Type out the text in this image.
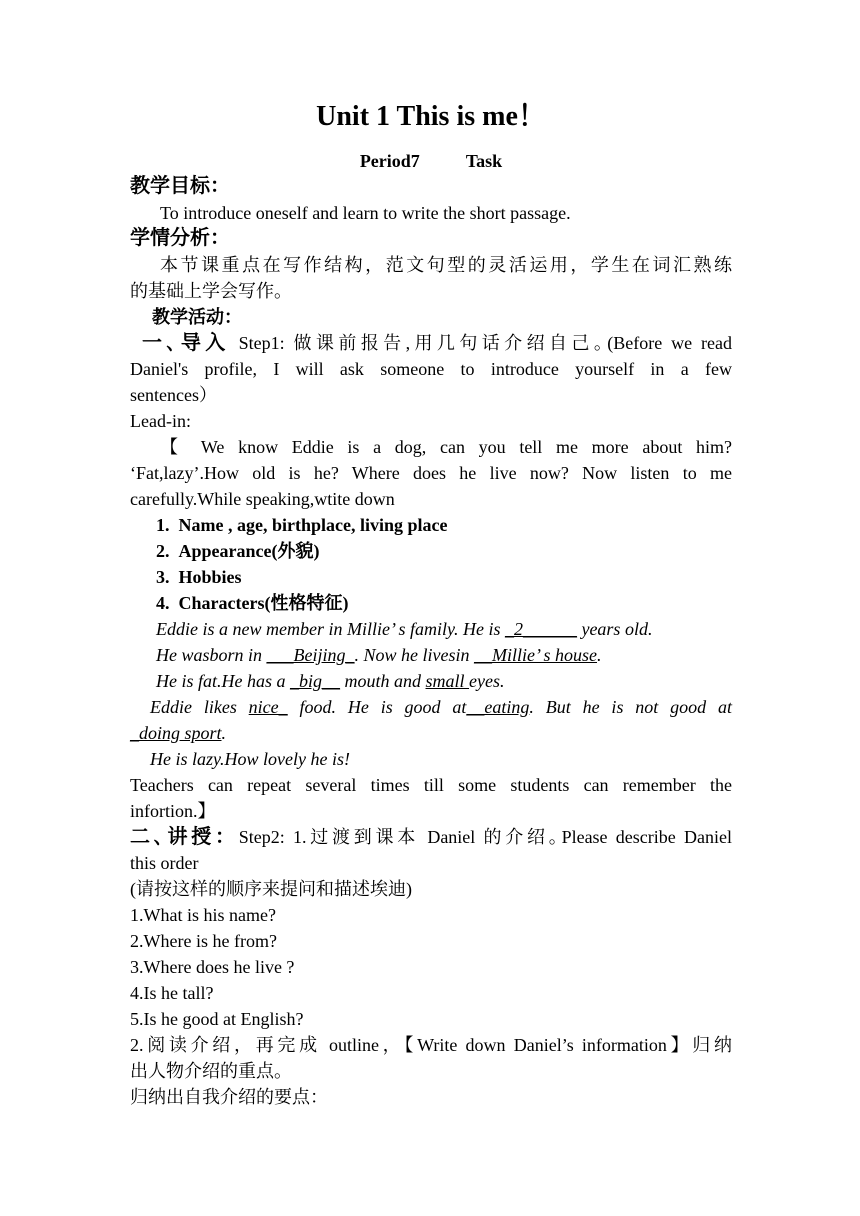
Unit 1 This is me！
Period7	Task
教学目标：
To introduce oneself and learn to write the short passage.
学情分析：
本节课重点在写作结构，范文句型的灵活运用，学生在词汇熟练
的基础上学会写作。
教学活动：
一､导入 Step1: 做课前报告,用几句话介绍自己｡(Before we read
Daniel's profile, I will ask someone to introduce yourself in a few
sentences）
Lead-in:
【 We know Eddie is a dog, can you tell me more about him?
‘Fat,lazy’.How old is he? Where does he live now? Now listen to me
carefully.While speaking,wtite down
1. Name , age, birthplace, living place
2. Appearance(外貌)
3. Hobbies
4. Characters(性格特征)
Eddie is a new member in Millie’ s family. He is _2______ years old.
He wasborn in ___Beijing_. Now he livesin __Millie’ s house.
He is fat.He has a _big__ mouth and small eyes.
Eddie likes nice_ food. He is good at__eating. But he is not good at
_doing sport.
He is lazy.How lovely he is!
Teachers can repeat several times till some students can remember the
infortion.】
二､讲授：Step2: 1.过渡到课本 Daniel 的介绍｡Please describe Daniel
this order
(请按这样的顺序来提问和描述埃迪)
1.What is his name?
2.Where is he from?
3.Where does he live ?
4.Is he tall?
5.Is he good at English?
2.阅读介绍，再完成 outline，【Write down Daniel’s information】归纳
出人物介绍的重点。
归纳出自我介绍的要点：
